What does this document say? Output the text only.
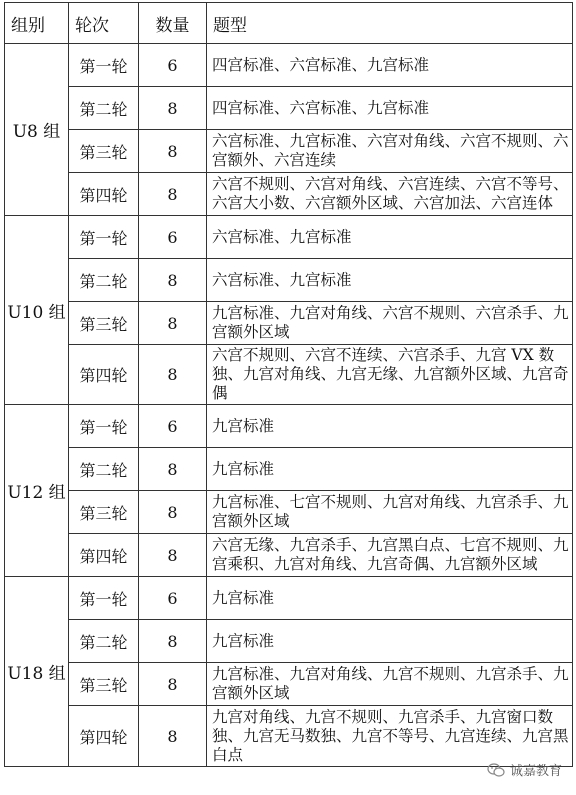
组别	轮次	数量	题型
U8 组	第一轮	6	四宫标准、六宫标准、九宫标准
	第二轮	8	四宫标准、六宫标准、九宫标准
	第三轮	8	六宫标准、九宫标准、六宫对角线、六宫不规则、六宫额外、六宫连续
	第四轮	8	六宫不规则、六宫对角线、六宫连续、六宫不等号、六宫大小数、六宫额外区域、六宫加法、六宫连体
U10 组	第一轮	6	六宫标准、九宫标准
	第二轮	8	六宫标准、九宫标准
	第三轮	8	九宫标准、九宫对角线、六宫不规则、六宫杀手、九宫额外区域
	第四轮	8	六宫不规则、六宫不连续、六宫杀手、九宫 VX 数独、九宫对角线、九宫无缘、九宫额外区域、九宫奇偶
U12 组	第一轮	6	九宫标准
	第二轮	8	九宫标准
	第三轮	8	九宫标准、七宫不规则、九宫对角线、九宫杀手、九宫额外区域
	第四轮	8	六宫无缘、九宫杀手、九宫黑白点、七宫不规则、九宫乘积、九宫对角线、九宫奇偶、九宫额外区域
U18 组	第一轮	6	九宫标准
	第二轮	8	九宫标准
	第三轮	8	九宫标准、九宫对角线、九宫不规则、九宫杀手、九宫额外区域
	第四轮	8	九宫对角线、九宫不规则、九宫杀手、九宫窗口数独、九宫无马数独、九宫不等号、九宫连续、九宫黑白点
诚嘉教育
